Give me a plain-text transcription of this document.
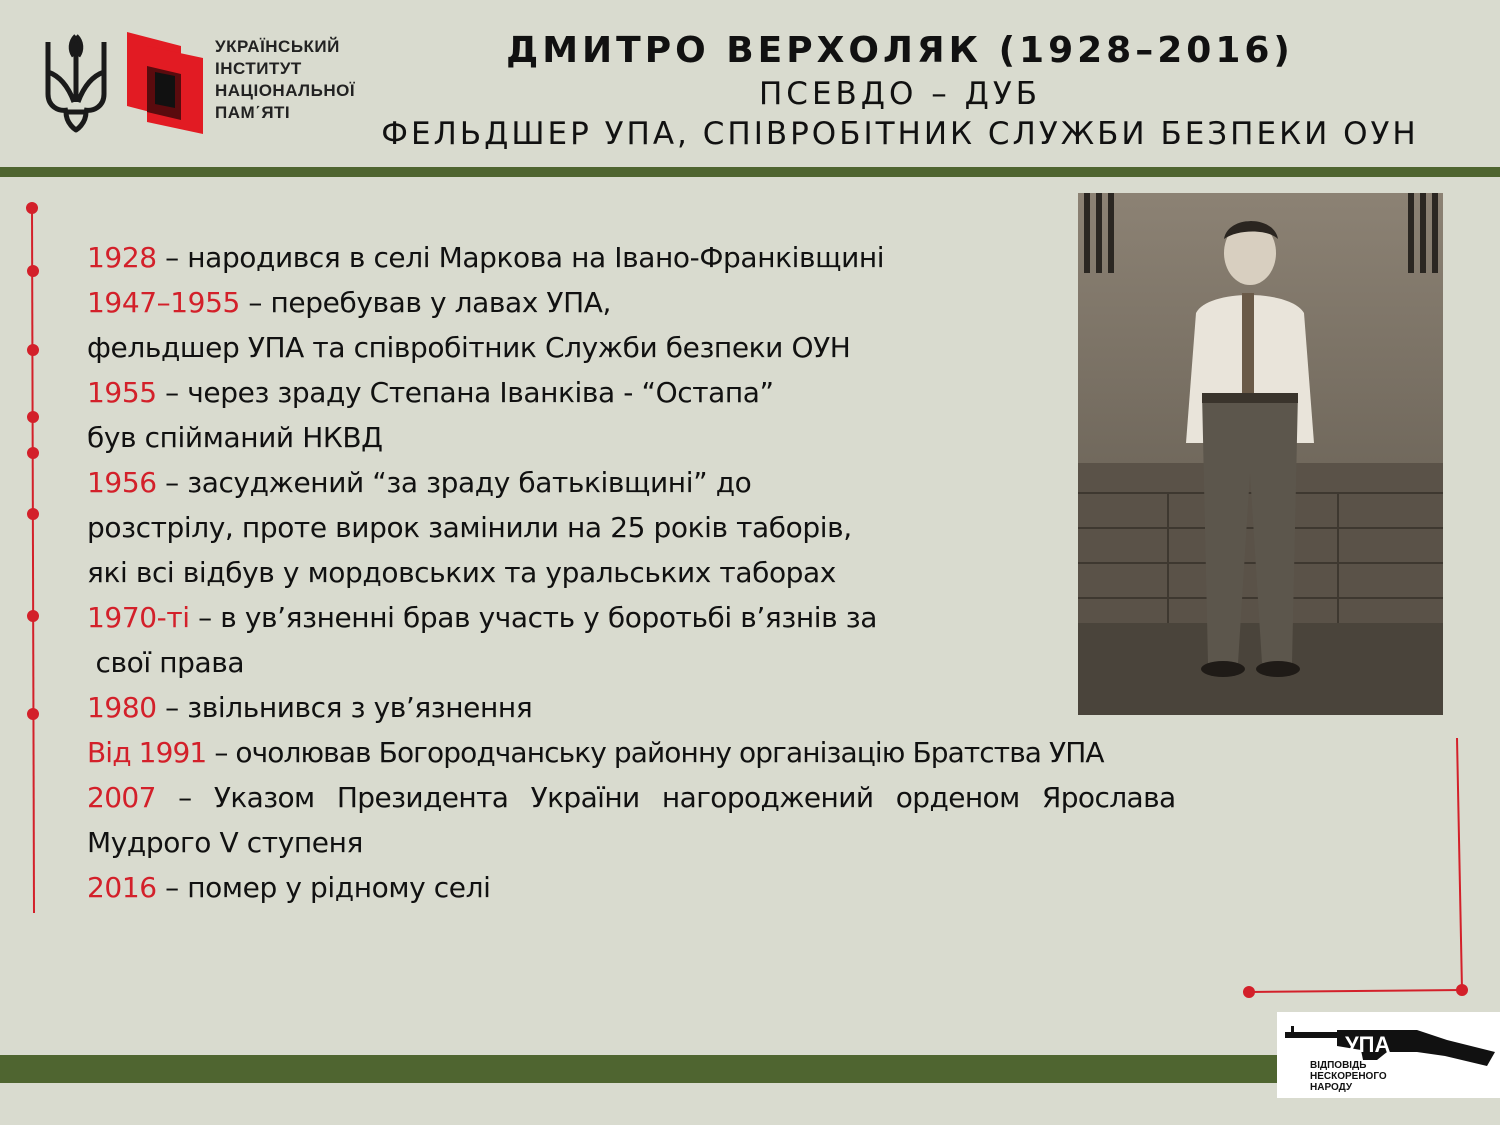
УКРАЇНСЬКИЙ
ІНСТИТУТ
НАЦІОНАЛЬНОЇ
ПАМ΄ЯТІ
ДМИТРО ВЕРХОЛЯК (1928–2016)
ПСЕВДО – ДУБ
ФЕЛЬДШЕР УПА, СПІВРОБІТНИК СЛУЖБИ БЕЗПЕКИ ОУН
1928 – народився в селі Маркова на Івано-Франківщині
1947–1955 – перебував у лавах УПА,
фельдшер УПА та співробітник Служби безпеки ОУН
1955 – через зраду Степана Іванківа - “Остапа”
був спійманий НКВД
1956 – засуджений “за зраду батьківщині” до
розстрілу, проте вирок замінили на 25 років таборів,
які всі відбув у мордовських та уральських таборах
1970-ті – в ув’язненні брав участь у боротьбі в’язнів за
свої права
1980 – звільнився з ув’язнення
Від 1991 – очолював Богородчанську районну організацію Братства УПА
2007 – Указом Президента України нагороджений орденом Ярослава
Мудрого V ступеня
2016 – помер у рідному селі
УПА
ВІДПОВІДЬ
НЕСКОРЕНОГО
НАРОДУ
